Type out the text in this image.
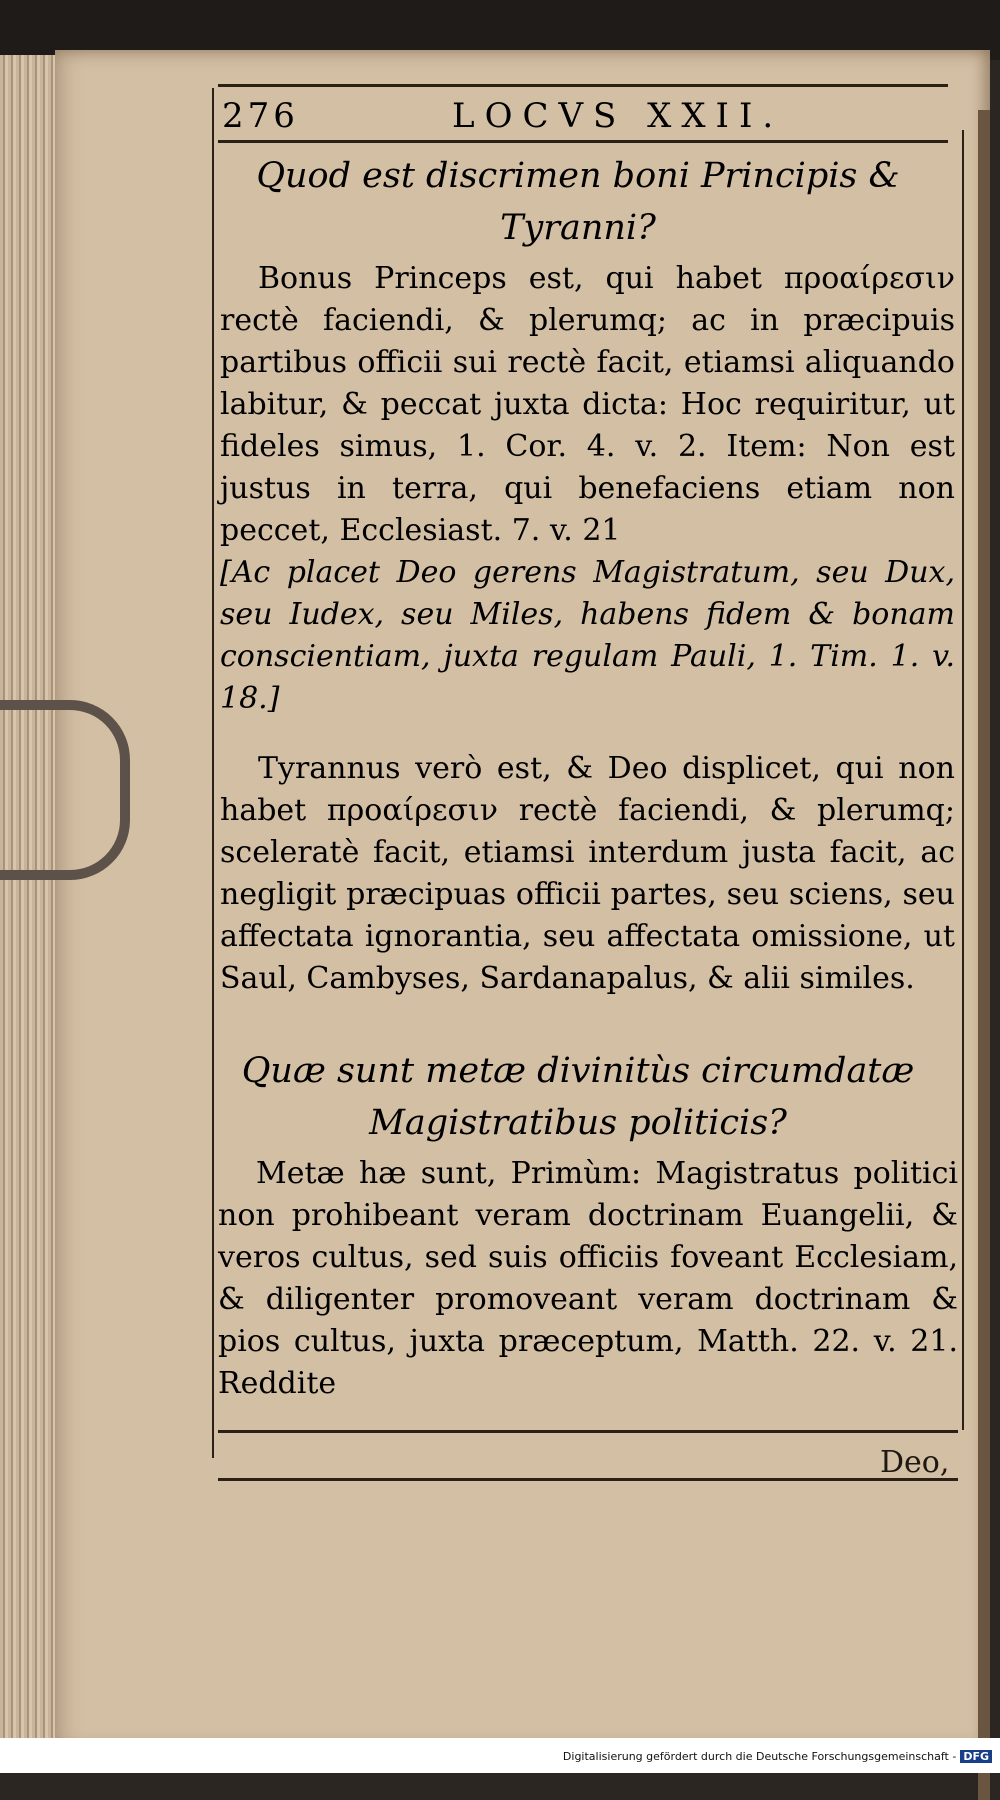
276	LOCVS XXII.
Quod est discrimen boni Principis & Tyranni?
Bonus Princeps est, qui habet προαίρεσιν rectè faciendi, & plerumq; ac in præcipuis partibus officii sui rectè facit, etiamsi aliquando labitur, & peccat juxta dicta: Hoc requiritur, ut fideles simus, 1. Cor. 4. v. 2. Item: Non est justus in terra, qui benefaciens etiam non peccet, Ecclesiast. 7. v. 21
[Ac placet Deo gerens Magistratum, seu Dux, seu Iudex, seu Miles, habens fidem & bonam conscientiam, juxta regulam Pauli, 1. Tim. 1. v. 18.]
Tyrannus verò est, & Deo displicet, qui non habet προαίρεσιν rectè faciendi, & plerumq; sceleratè facit, etiamsi interdum justa facit, ac negligit præcipuas officii partes, seu sciens, seu affectata ignorantia, seu affectata omissione, ut Saul, Cambyses, Sardanapalus, & alii similes.
Quæ sunt metæ divinitùs circumdatæ Magistratibus politicis?
Metæ hæ sunt, Primùm: Magistratus politici non prohibeant veram doctrinam Euangelii, & veros cultus, sed suis officiis foveant Ecclesiam, & diligenter promoveant veram doctrinam & pios cultus, juxta præceptum, Matth. 22. v. 21. Reddite
Deo,
Digitalisierung gefördert durch die Deutsche Forschungsgemeinschaft - DFG
